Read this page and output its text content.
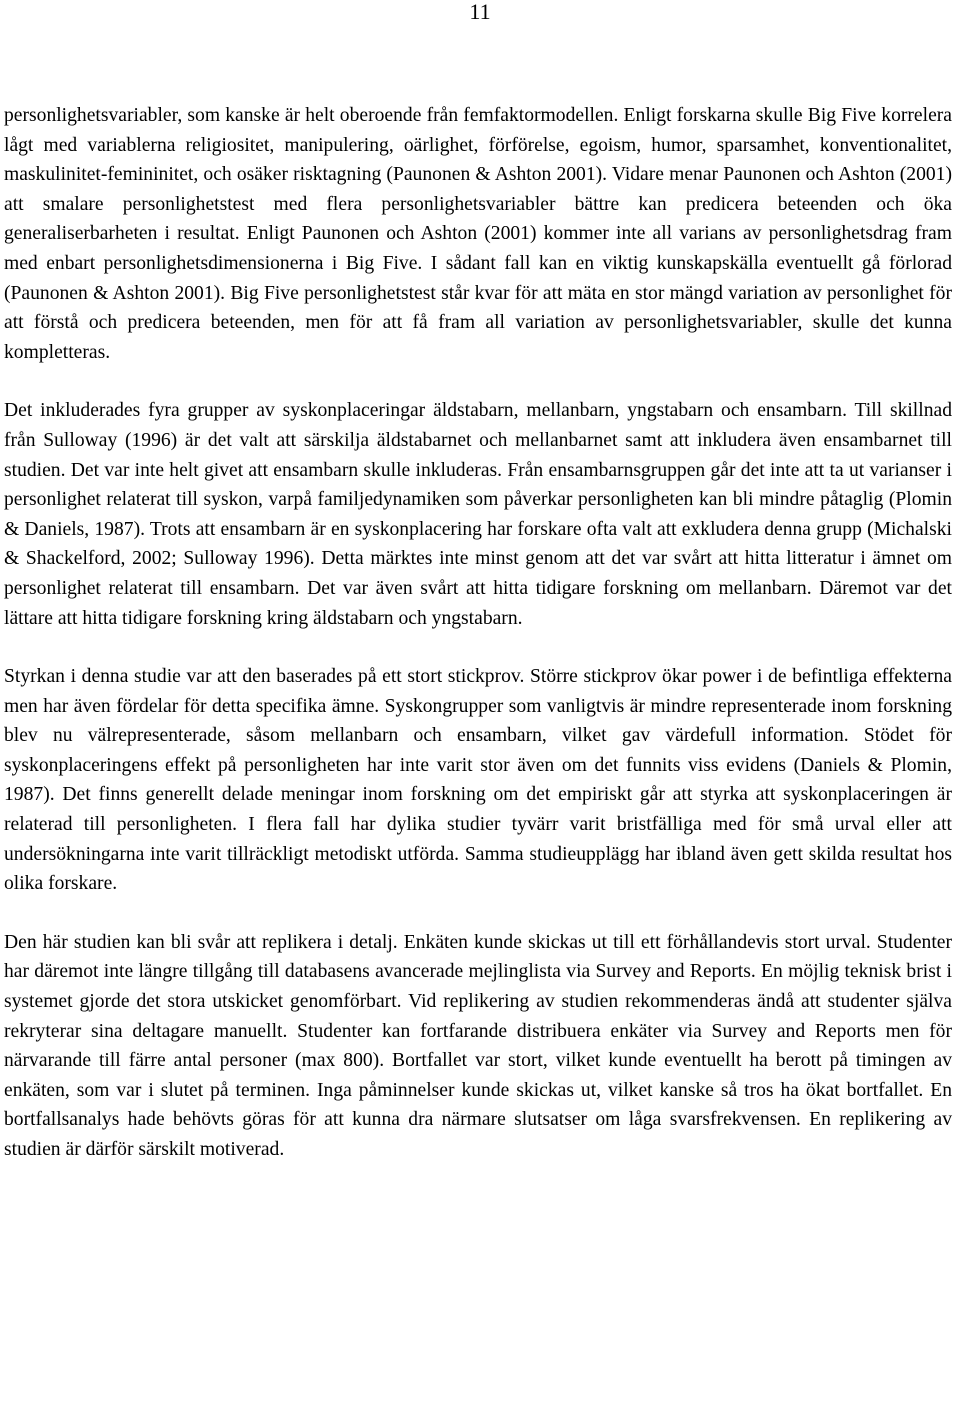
11

personlighetsvariabler, som kanske är helt oberoende från femfaktormodellen. Enligt forskarna skulle Big Five korrelera lågt med variablerna religiositet, manipulering, oärlighet, förförelse, egoism, humor, sparsamhet, konventionalitet, maskulinitet-femininitet, och osäker risktagning (Paunonen & Ashton 2001). Vidare menar Paunonen och Ashton (2001) att smalare personlighetstest med flera personlighetsvariabler bättre kan predicera beteenden och öka generaliserbarheten i resultat. Enligt Paunonen och Ashton (2001) kommer inte all varians av personlighetsdrag fram med enbart personlighetsdimensionerna i Big Five. I sådant fall kan en viktig kunskapskälla eventuellt gå förlorad (Paunonen & Ashton 2001). Big Five personlighetstest står kvar för att mäta en stor mängd variation av personlighet för att förstå och predicera beteenden, men för att få fram all variation av personlighetsvariabler, skulle det kunna kompletteras.

Det inkluderades fyra grupper av syskonplaceringar äldstabarn, mellanbarn, yngstabarn och ensambarn. Till skillnad från Sulloway (1996) är det valt att särskilja äldstabarnet och mellanbarnet samt att inkludera även ensambarnet till studien. Det var inte helt givet att ensambarn skulle inkluderas. Från ensambarnsgruppen går det inte att ta ut varianser i personlighet relaterat till syskon, varpå familjedynamiken som påverkar personligheten kan bli mindre påtaglig (Plomin & Daniels, 1987). Trots att ensambarn är en syskonplacering har forskare ofta valt att exkludera denna grupp (Michalski & Shackelford, 2002; Sulloway 1996). Detta märktes inte minst genom att det var svårt att hitta litteratur i ämnet om personlighet relaterat till ensambarn. Det var även svårt att hitta tidigare forskning om mellanbarn. Däremot var det lättare att hitta tidigare forskning kring äldstabarn och yngstabarn.

Styrkan i denna studie var att den baserades på ett stort stickprov. Större stickprov ökar power i de befintliga effekterna men har även fördelar för detta specifika ämne. Syskongrupper som vanligtvis är mindre representerade inom forskning blev nu välrepresenterade, såsom mellanbarn och ensambarn, vilket gav värdefull information. Stödet för syskonplaceringens effekt på personligheten har inte varit stor även om det funnits viss evidens (Daniels & Plomin, 1987). Det finns generellt delade meningar inom forskning om det empiriskt går att styrka att syskonplaceringen är relaterad till personligheten. I flera fall har dylika studier tyvärr varit bristfälliga med för små urval eller att undersökningarna inte varit tillräckligt metodiskt utförda. Samma studieupplägg har ibland även gett skilda resultat hos olika forskare.

Den här studien kan bli svår att replikera i detalj. Enkäten kunde skickas ut till ett förhållandevis stort urval. Studenter har däremot inte längre tillgång till databasens avancerade mejlinglista via Survey and Reports. En möjlig teknisk brist i systemet gjorde det stora utskicket genomförbart. Vid replikering av studien rekommenderas ändå att studenter själva rekryterar sina deltagare manuellt. Studenter kan fortfarande distribuera enkäter via Survey and Reports men för närvarande till färre antal personer (max 800). Bortfallet var stort, vilket kunde eventuellt ha berott på timingen av enkäten, som var i slutet på terminen. Inga påminnelser kunde skickas ut, vilket kanske så tros ha ökat bortfallet. En bortfallsanalys hade behövts göras för att kunna dra närmare slutsatser om låga svarsfrekvensen. En replikering av studien är därför särskilt motiverad.
